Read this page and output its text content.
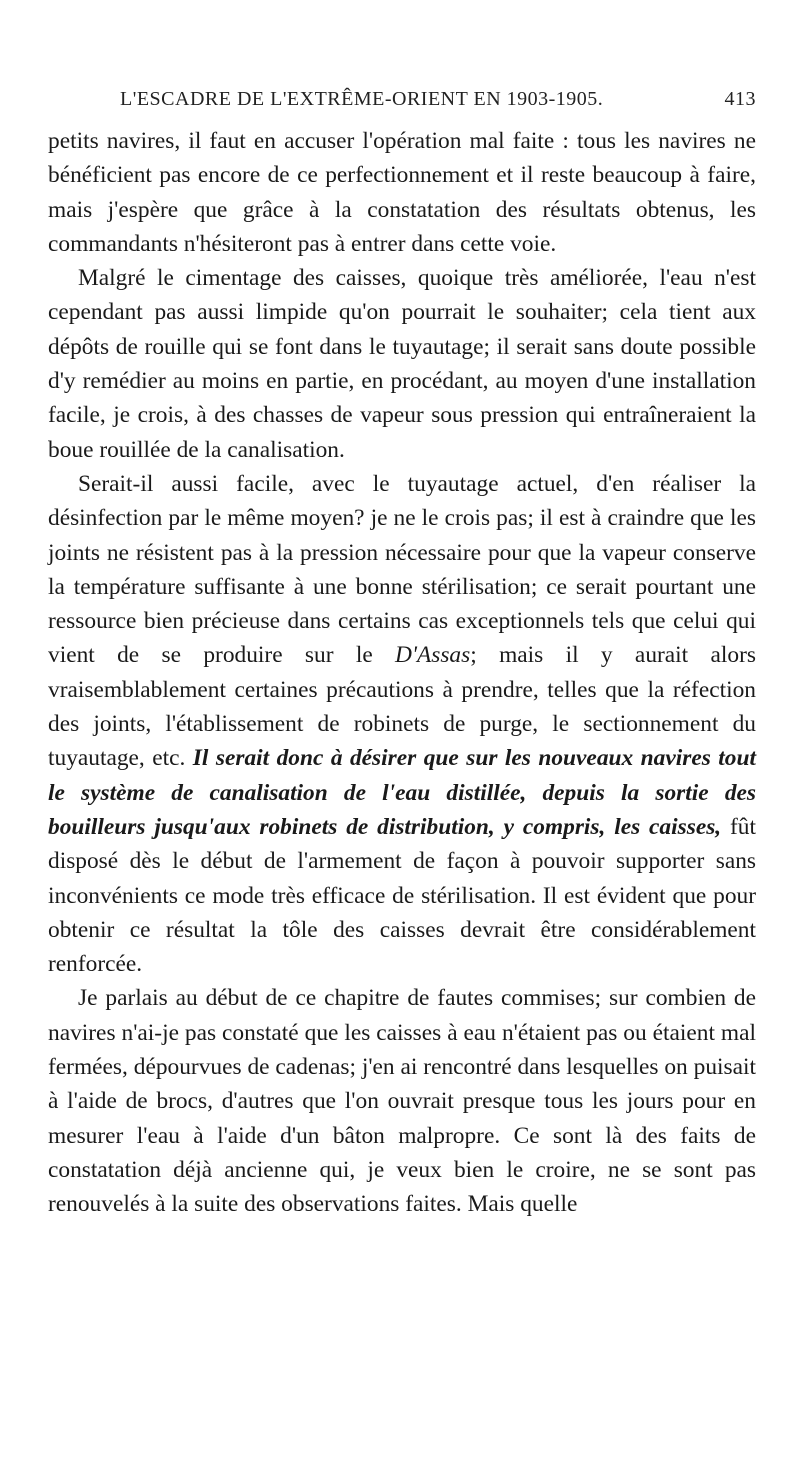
L'ESCADRE DE L'EXTRÊME-ORIENT EN 1903-1905.	413

petits navires, il faut en accuser l'opération mal faite : tous les navires ne bénéficient pas encore de ce perfectionnement et il reste beaucoup à faire, mais j'espère que grâce à la constatation des résultats obtenus, les commandants n'hésiteront pas à entrer dans cette voie.

Malgré le cimentage des caisses, quoique très améliorée, l'eau n'est cependant pas aussi limpide qu'on pourrait le souhaiter; cela tient aux dépôts de rouille qui se font dans le tuyautage; il serait sans doute possible d'y remédier au moins en partie, en procédant, au moyen d'une installation facile, je crois, à des chasses de vapeur sous pression qui entraîneraient la boue rouillée de la canalisation.

Serait-il aussi facile, avec le tuyautage actuel, d'en réaliser la désinfection par le même moyen? je ne le crois pas; il est à craindre que les joints ne résistent pas à la pression nécessaire pour que la vapeur conserve la température suffisante à une bonne stérilisation; ce serait pourtant une ressource bien précieuse dans certains cas exceptionnels tels que celui qui vient de se produire sur le D'Assas; mais il y aurait alors vraisemblablement certaines précautions à prendre, telles que la réfection des joints, l'établissement de robinets de purge, le sectionnement du tuyautage, etc. Il serait donc à désirer que sur les nouveaux navires tout le système de canalisation de l'eau distillée, depuis la sortie des bouilleurs jusqu'aux robinets de distribution, y compris, les caisses, fût disposé dès le début de l'armement de façon à pouvoir supporter sans inconvénients ce mode très efficace de stérilisation. Il est évident que pour obtenir ce résultat la tôle des caisses devrait être considérablement renforcée.

Je parlais au début de ce chapitre de fautes commises; sur combien de navires n'ai-je pas constaté que les caisses à eau n'étaient pas ou étaient mal fermées, dépourvues de cadenas; j'en ai rencontré dans lesquelles on puisait à l'aide de brocs, d'autres que l'on ouvrait presque tous les jours pour en mesurer l'eau à l'aide d'un bâton malpropre. Ce sont là des faits de constatation déjà ancienne qui, je veux bien le croire, ne se sont pas renouvelés à la suite des observations faites. Mais quelle
